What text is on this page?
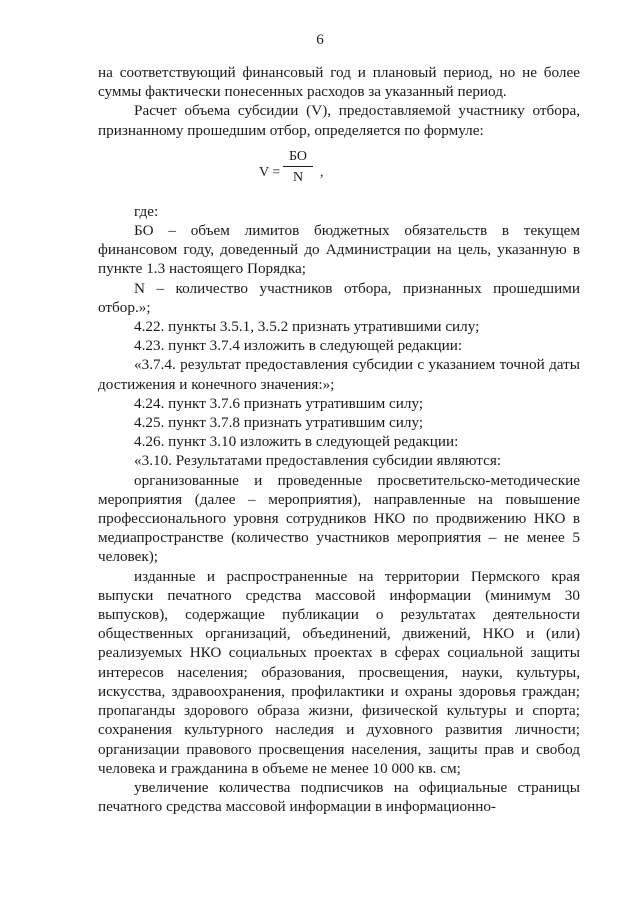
6

на соответствующий финансовый год и плановый период, но не более суммы фактически понесенных расходов за указанный период.

Расчет объема субсидии (V), предоставляемой участнику отбора, признанному прошедшим отбор, определяется по формуле:

V =
БО
N	,

где:

БО – объем лимитов бюджетных обязательств в текущем финансовом году, доведенный до Администрации на цель, указанную в пункте 1.3 настоящего Порядка;

N – количество участников отбора, признанных прошедшими отбор.»;

4.22. пункты 3.5.1, 3.5.2 признать утратившими силу;

4.23. пункт 3.7.4 изложить в следующей редакции:

«3.7.4. результат предоставления субсидии с указанием точной даты достижения и конечного значения:»;

4.24. пункт 3.7.6 признать утратившим силу;

4.25. пункт 3.7.8 признать утратившим силу;

4.26. пункт 3.10 изложить в следующей редакции:

«3.10. Результатами предоставления субсидии являются:

организованные и проведенные просветительско-методические мероприятия (далее – мероприятия), направленные на повышение профессионального уровня сотрудников НКО по продвижению НКО в медиапространстве (количество участников мероприятия – не менее 5 человек);

изданные и распространенные на территории Пермского края выпуски печатного средства массовой информации (минимум 30 выпусков), содержащие публикации о результатах деятельности общественных организаций, объединений, движений, НКО и (или) реализуемых НКО социальных проектах в сферах социальной защиты интересов населения; образования, просвещения, науки, культуры, искусства, здравоохранения, профилактики и охраны здоровья граждан; пропаганды здорового образа жизни, физической культуры и спорта; сохранения культурного наследия и духовного развития личности; организации правового просвещения населения, защиты прав и свобод человека и гражданина в объеме не менее 10 000 кв. см;

увеличение количества подписчиков на официальные страницы печатного средства массовой информации в информационно-
